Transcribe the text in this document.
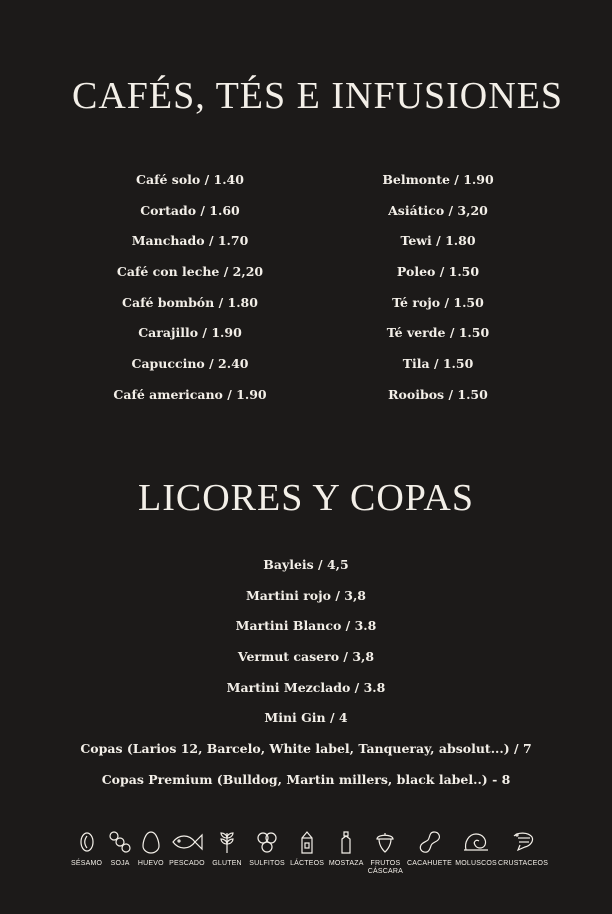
CAFÉS, TÉS E INFUSIONES
Café solo / 1.40
Cortado / 1.60
Manchado / 1.70
Café con leche / 2,20
Café bombón / 1.80
Carajillo / 1.90
Capuccino / 2.40
Café americano / 1.90
Belmonte / 1.90
Asiático / 3,20
Tewi / 1.80
Poleo / 1.50
Té rojo / 1.50
Té verde / 1.50
Tila / 1.50
Rooibos / 1.50
LICORES Y COPAS
Bayleis / 4,5
Martini rojo / 3,8
Martini Blanco / 3.8
Vermut casero / 3,8
Martini Mezclado / 3.8
Mini Gin / 4
Copas (Larios 12, Barcelo, White label, Tanqueray, absolut...) / 7
Copas Premium (Bulldog, Martin millers, black label..) - 8
SÉSAMO SOJA HUEVO PESCADO GLUTEN SULFITOS LÁCTEOS MOSTAZA FRUTOS CÁSCARA
CACAHUETE MOLUSCOS CRUSTACEOS
